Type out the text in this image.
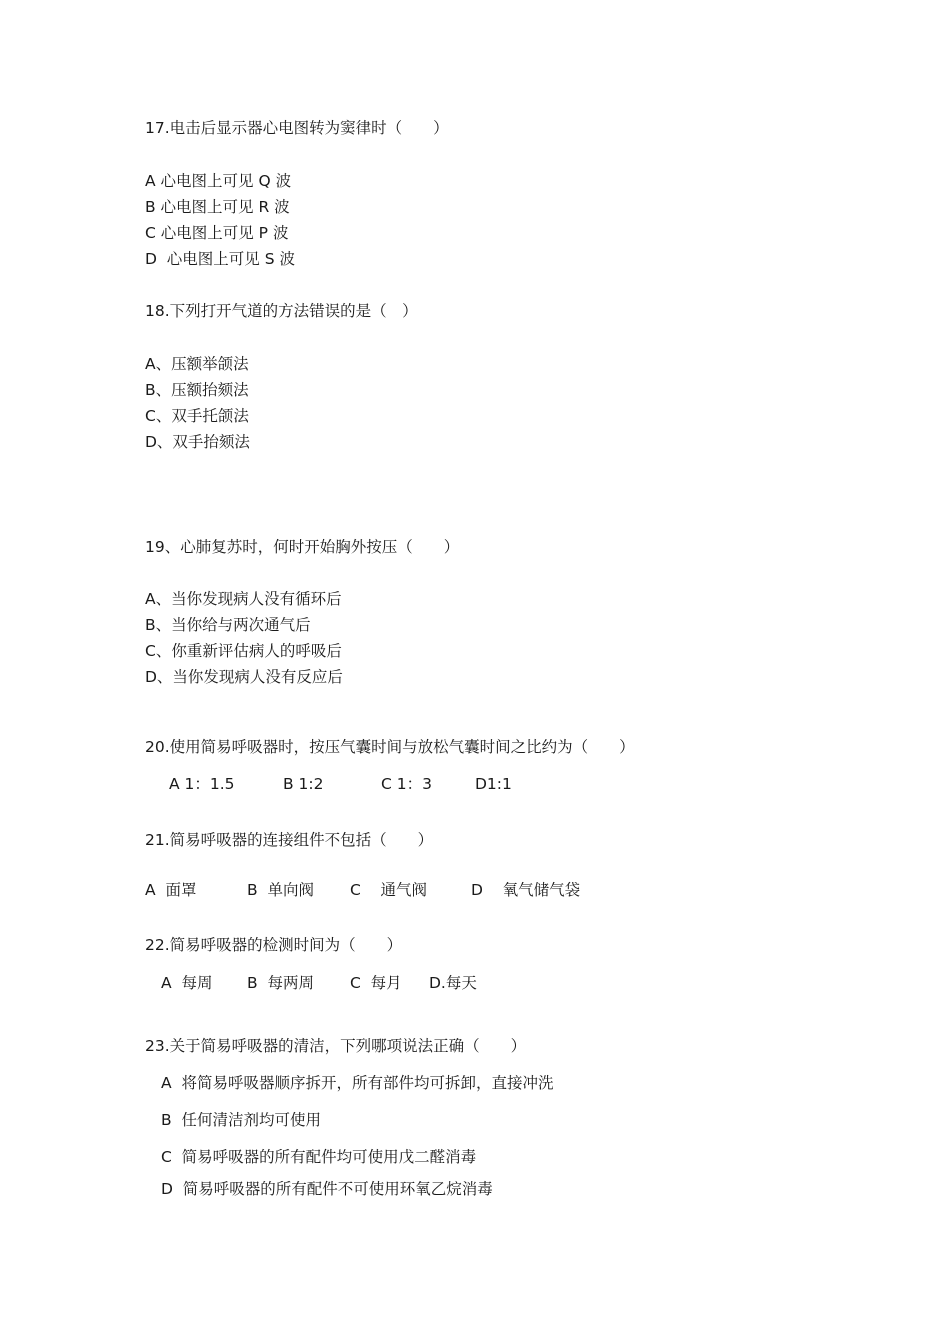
17.电击后显示器心电图转为窦律时（　　）
A 心电图上可见 Q 波
B 心电图上可见 R 波
C 心电图上可见 P 波
D  心电图上可见 S 波
18.下列打开气道的方法错误的是（　）
A、压额举颌法
B、压额抬颏法
C、双手托颌法
D、双手抬颏法
19、心肺复苏时，何时开始胸外按压（　　）
A、当你发现病人没有循环后
B、当你给与两次通气后
C、你重新评估病人的呼吸后
D、当你发现病人没有反应后
20.使用简易呼吸器时，按压气囊时间与放松气囊时间之比约为（　　）
A 1：1.5	B 1:2	C 1：3	D1:1
21.简易呼吸器的连接组件不包括（　　）
A  面罩	B  单向阀 C    通气阀	D    氧气储气袋
22.简易呼吸器的检测时间为（　　）
A  每周 B  每两周 C  每月 D.每天
23.关于简易呼吸器的清洁，下列哪项说法正确（　　）
A  将简易呼吸器顺序拆开，所有部件均可拆卸，直接冲洗
B  任何清洁剂均可使用
C  简易呼吸器的所有配件均可使用戊二醛消毒
D  简易呼吸器的所有配件不可使用环氧乙烷消毒
